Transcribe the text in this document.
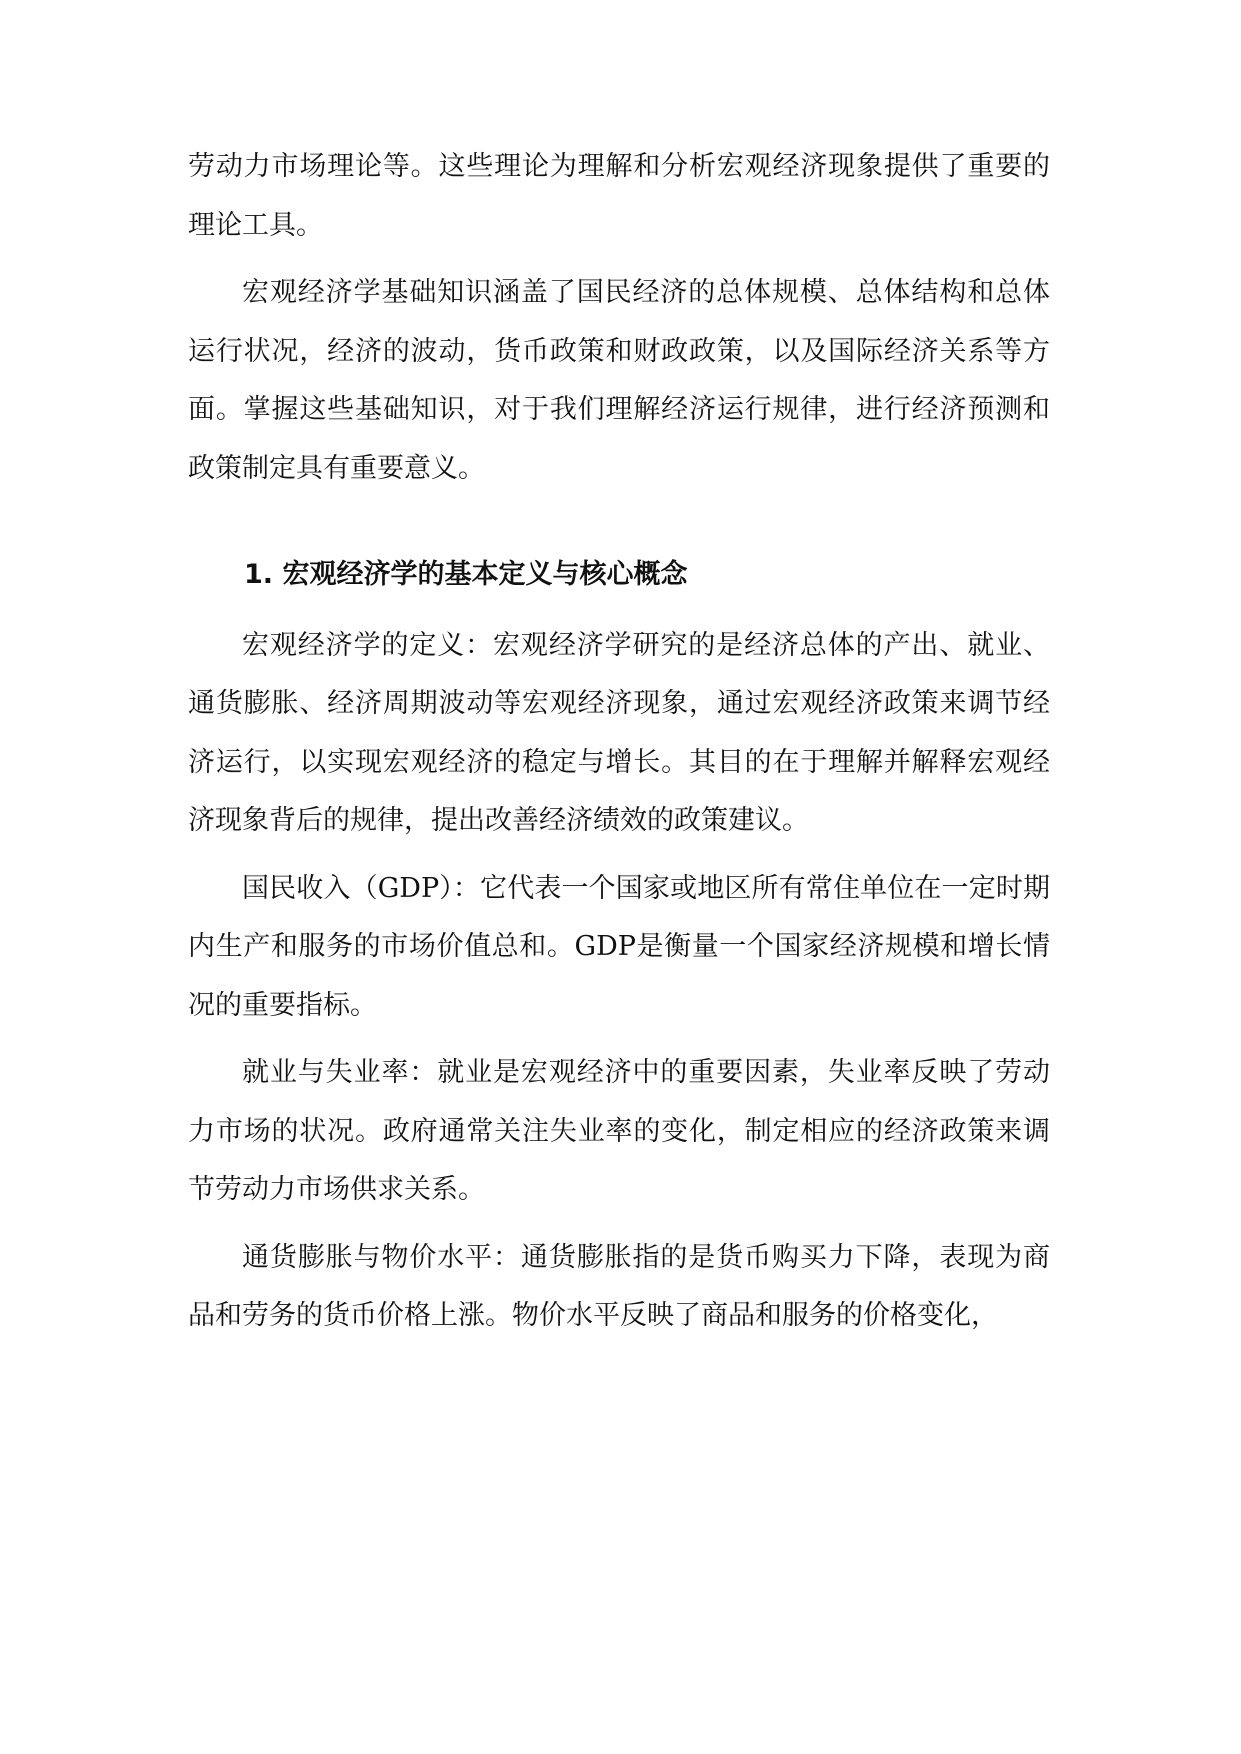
劳动力市场理论等。这些理论为理解和分析宏观经济现象提供了重要的理论工具。

宏观经济学基础知识涵盖了国民经济的总体规模、总体结构和总体运行状况，经济的波动，货币政策和财政政策，以及国际经济关系等方面。掌握这些基础知识，对于我们理解经济运行规律，进行经济预测和政策制定具有重要意义。

1. 宏观经济学的基本定义与核心概念

宏观经济学的定义：宏观经济学研究的是经济总体的产出、就业、通货膨胀、经济周期波动等宏观经济现象，通过宏观经济政策来调节经济运行，以实现宏观经济的稳定与增长。其目的在于理解并解释宏观经济现象背后的规律，提出改善经济绩效的政策建议。

国民收入（GDP）：它代表一个国家或地区所有常住单位在一定时期内生产和服务的市场价值总和。GDP是衡量一个国家经济规模和增长情况的重要指标。

就业与失业率：就业是宏观经济中的重要因素，失业率反映了劳动力市场的状况。政府通常关注失业率的变化，制定相应的经济政策来调节劳动力市场供求关系。

通货膨胀与物价水平：通货膨胀指的是货币购买力下降，表现为商品和劳务的货币价格上涨。物价水平反映了商品和服务的价格变化，
